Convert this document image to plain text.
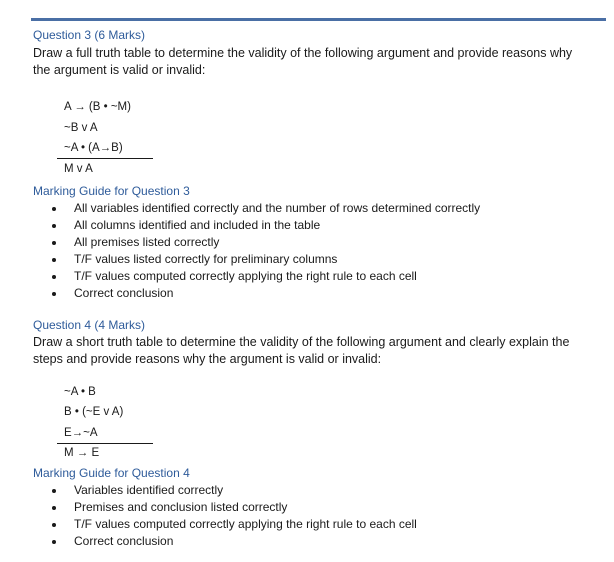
Question 3 (6 Marks)
Draw a full truth table to determine the validity of the following argument and provide reasons why the argument is valid or invalid:
A → (B • ~M)
~B v A
~A • (A→B)
M v A
Marking Guide for Question 3
All variables identified correctly and the number of rows determined correctly
All columns identified and included in the table
All premises listed correctly
T/F values listed correctly for preliminary columns
T/F values computed correctly applying the right rule to each cell
Correct conclusion
Question 4 (4 Marks)
Draw a short truth table to determine the validity of the following argument and clearly explain the steps and provide reasons why the argument is valid or invalid:
~A • B
B • (~E v A)
E→~A
M → E
Marking Guide for Question 4
Variables identified correctly
Premises and conclusion listed correctly
T/F values computed correctly applying the right rule to each cell
Correct conclusion
